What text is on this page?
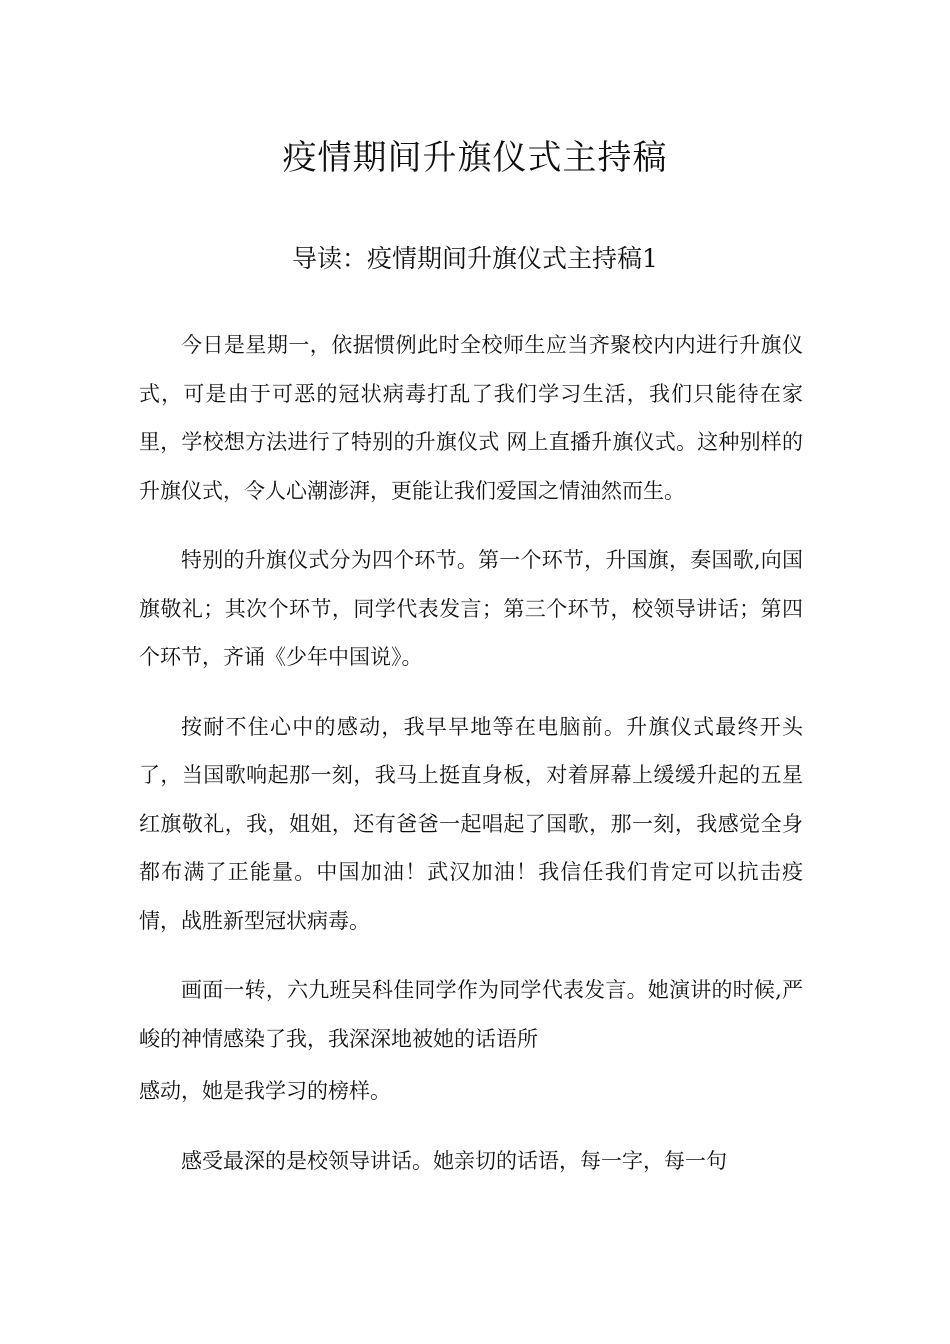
疫情期间升旗仪式主持稿
导读：疫情期间升旗仪式主持稿1

今日是星期一，依据惯例此时全校师生应当齐聚校内内进行升旗仪式，可是由于可恶的冠状病毒打乱了我们学习生活，我们只能待在家里，学校想方法进行了特别的升旗仪式 网上直播升旗仪式。这种别样的升旗仪式，令人心潮澎湃，更能让我们爱国之情油然而生。

特别的升旗仪式分为四个环节。第一个环节，升国旗，奏国歌,向国旗敬礼；其次个环节，同学代表发言；第三个环节，校领导讲话；第四个环节，齐诵《少年中国说》。

按耐不住心中的感动，我早早地等在电脑前。升旗仪式最终开头了，当国歌响起那一刻，我马上挺直身板，对着屏幕上缓缓升起的五星红旗敬礼，我，姐姐，还有爸爸一起唱起了国歌，那一刻，我感觉全身都布满了正能量。中国加油！武汉加油！我信任我们肯定可以抗击疫情，战胜新型冠状病毒。

画面一转，六九班吴科佳同学作为同学代表发言。她演讲的时候,严峻的神情感染了我，我深深地被她的话语所

感动，她是我学习的榜样。

感受最深的是校领导讲话。她亲切的话语，每一字，每一句
